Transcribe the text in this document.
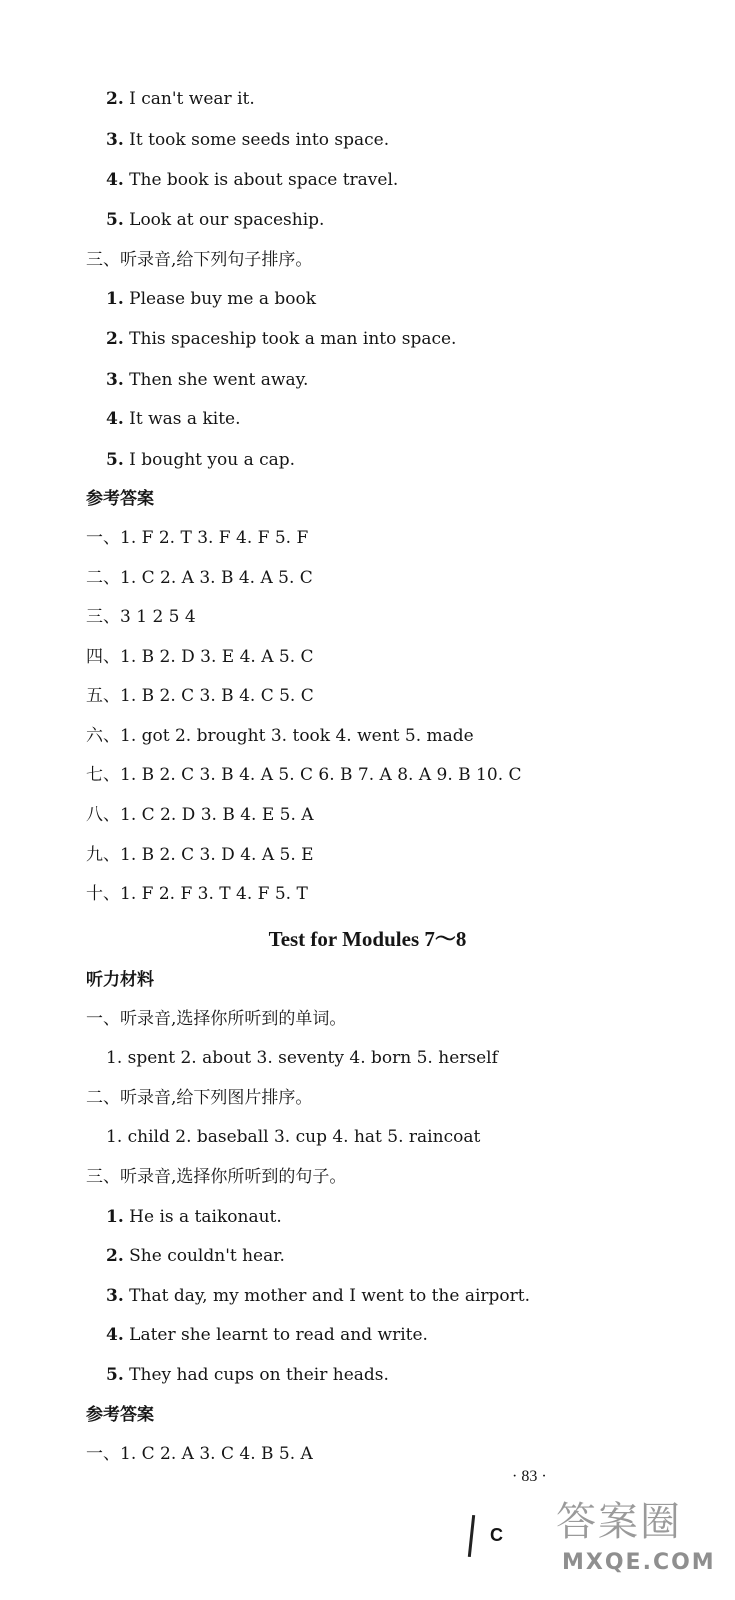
2. I can't wear it.
3. It took some seeds into space.
4. The book is about space travel.
5. Look at our spaceship.
三、听录音,给下列句子排序。
1. Please buy me a book
2. This spaceship took a man into space.
3. Then she went away.
4. It was a kite.
5. I bought you a cap.
参考答案
一、1. F 2. T 3. F 4. F 5. F
二、1. C 2. A 3. B 4. A 5. C
三、3 1 2 5 4
四、1. B 2. D 3. E 4. A 5. C
五、1. B 2. C 3. B 4. C 5. C
六、1. got 2. brought 3. took 4. went 5. made
七、1. B 2. C 3. B 4. A 5. C 6. B 7. A 8. A 9. B 10. C
八、1. C 2. D 3. B 4. E 5. A
九、1. B 2. C 3. D 4. A 5. E
十、1. F 2. F 3. T 4. F 5. T
Test for Modules 7～8
听力材料
一、听录音,选择你所听到的单词。
1. spent 2. about 3. seventy 4. born 5. herself
二、听录音,给下列图片排序。
1. child 2. baseball 3. cup 4. hat 5. raincoat
三、听录音,选择你所听到的句子。
1. He is a taikonaut.
2. She couldn't hear.
3. That day, my mother and I went to the airport.
4. Later she learnt to read and write.
5. They had cups on their heads.
参考答案
一、1. C 2. A 3. C 4. B 5. A
· 83 ·
C 答案圈
MXQE.COM
